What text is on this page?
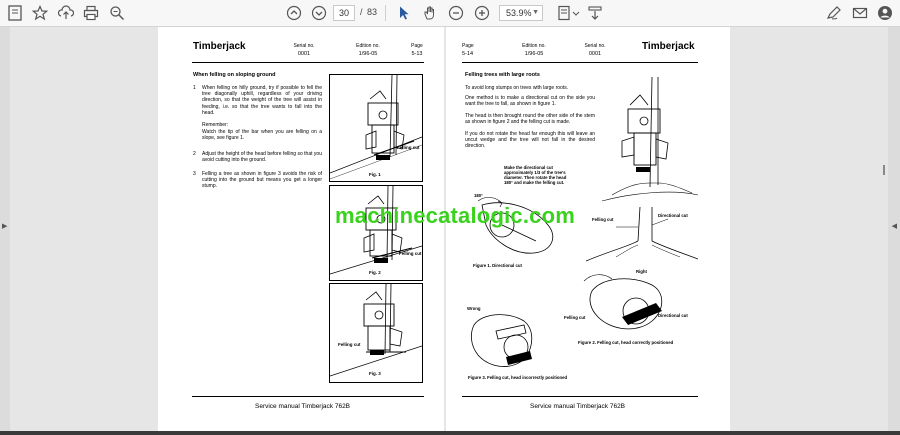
30	/ 83	53.9% ▼
▶	◀
Timberjack	Serial no.
0001
Edition no.
1/96-05
Page
5-13
When felling on sloping ground
1 When felling on hilly ground, try if possible to fell the tree diagonally uphill, regardless of your driving direction, so that the weight of the tree will assist in feeding, i.e. so that the tree wants to fall into the head.
Remember:
Watch the tip of the bar when you are felling on a slope, see figure 1.
2 Adjust the height of the head before felling so that you avoid cutting into the ground.
3 Felling a tree as shown in figure 3 avoids the risk of cutting into the ground but means you get a longer stump.
Felling cut
Fig. 1
Felling cut
Fig. 2
Felling cut
Fig. 3
Service manual Timberjack 762B
Page
5-14
Edition no.
1/96-05
Serial no.
0001
Timberjack
Felling trees with large roots
To avoid long stumps on trees with large roots.
One method is to make a directional cut on the side you want the tree to fall, as shown in figure 1.
The head is then brought round the other side of the stem as shown in figure 2 and the felling cut is made.
If you do not rotate the head far enough this will leave an uncut wedge and the tree will not fall in the desired direction.
Make the directional cut approximately 1/3 of the tree's diameter. Then rotate the head 180° and make the felling cut.
180°
Figure 1. Directional cut
Felling cut
Directional cut
Right
Felling cut	Directional cut
Figure 2. Felling cut, head correctly positioned
Wrong
Figure 3. Felling cut, head incorrectly positioned
Service manual Timberjack 762B
machinecatalogic.com
